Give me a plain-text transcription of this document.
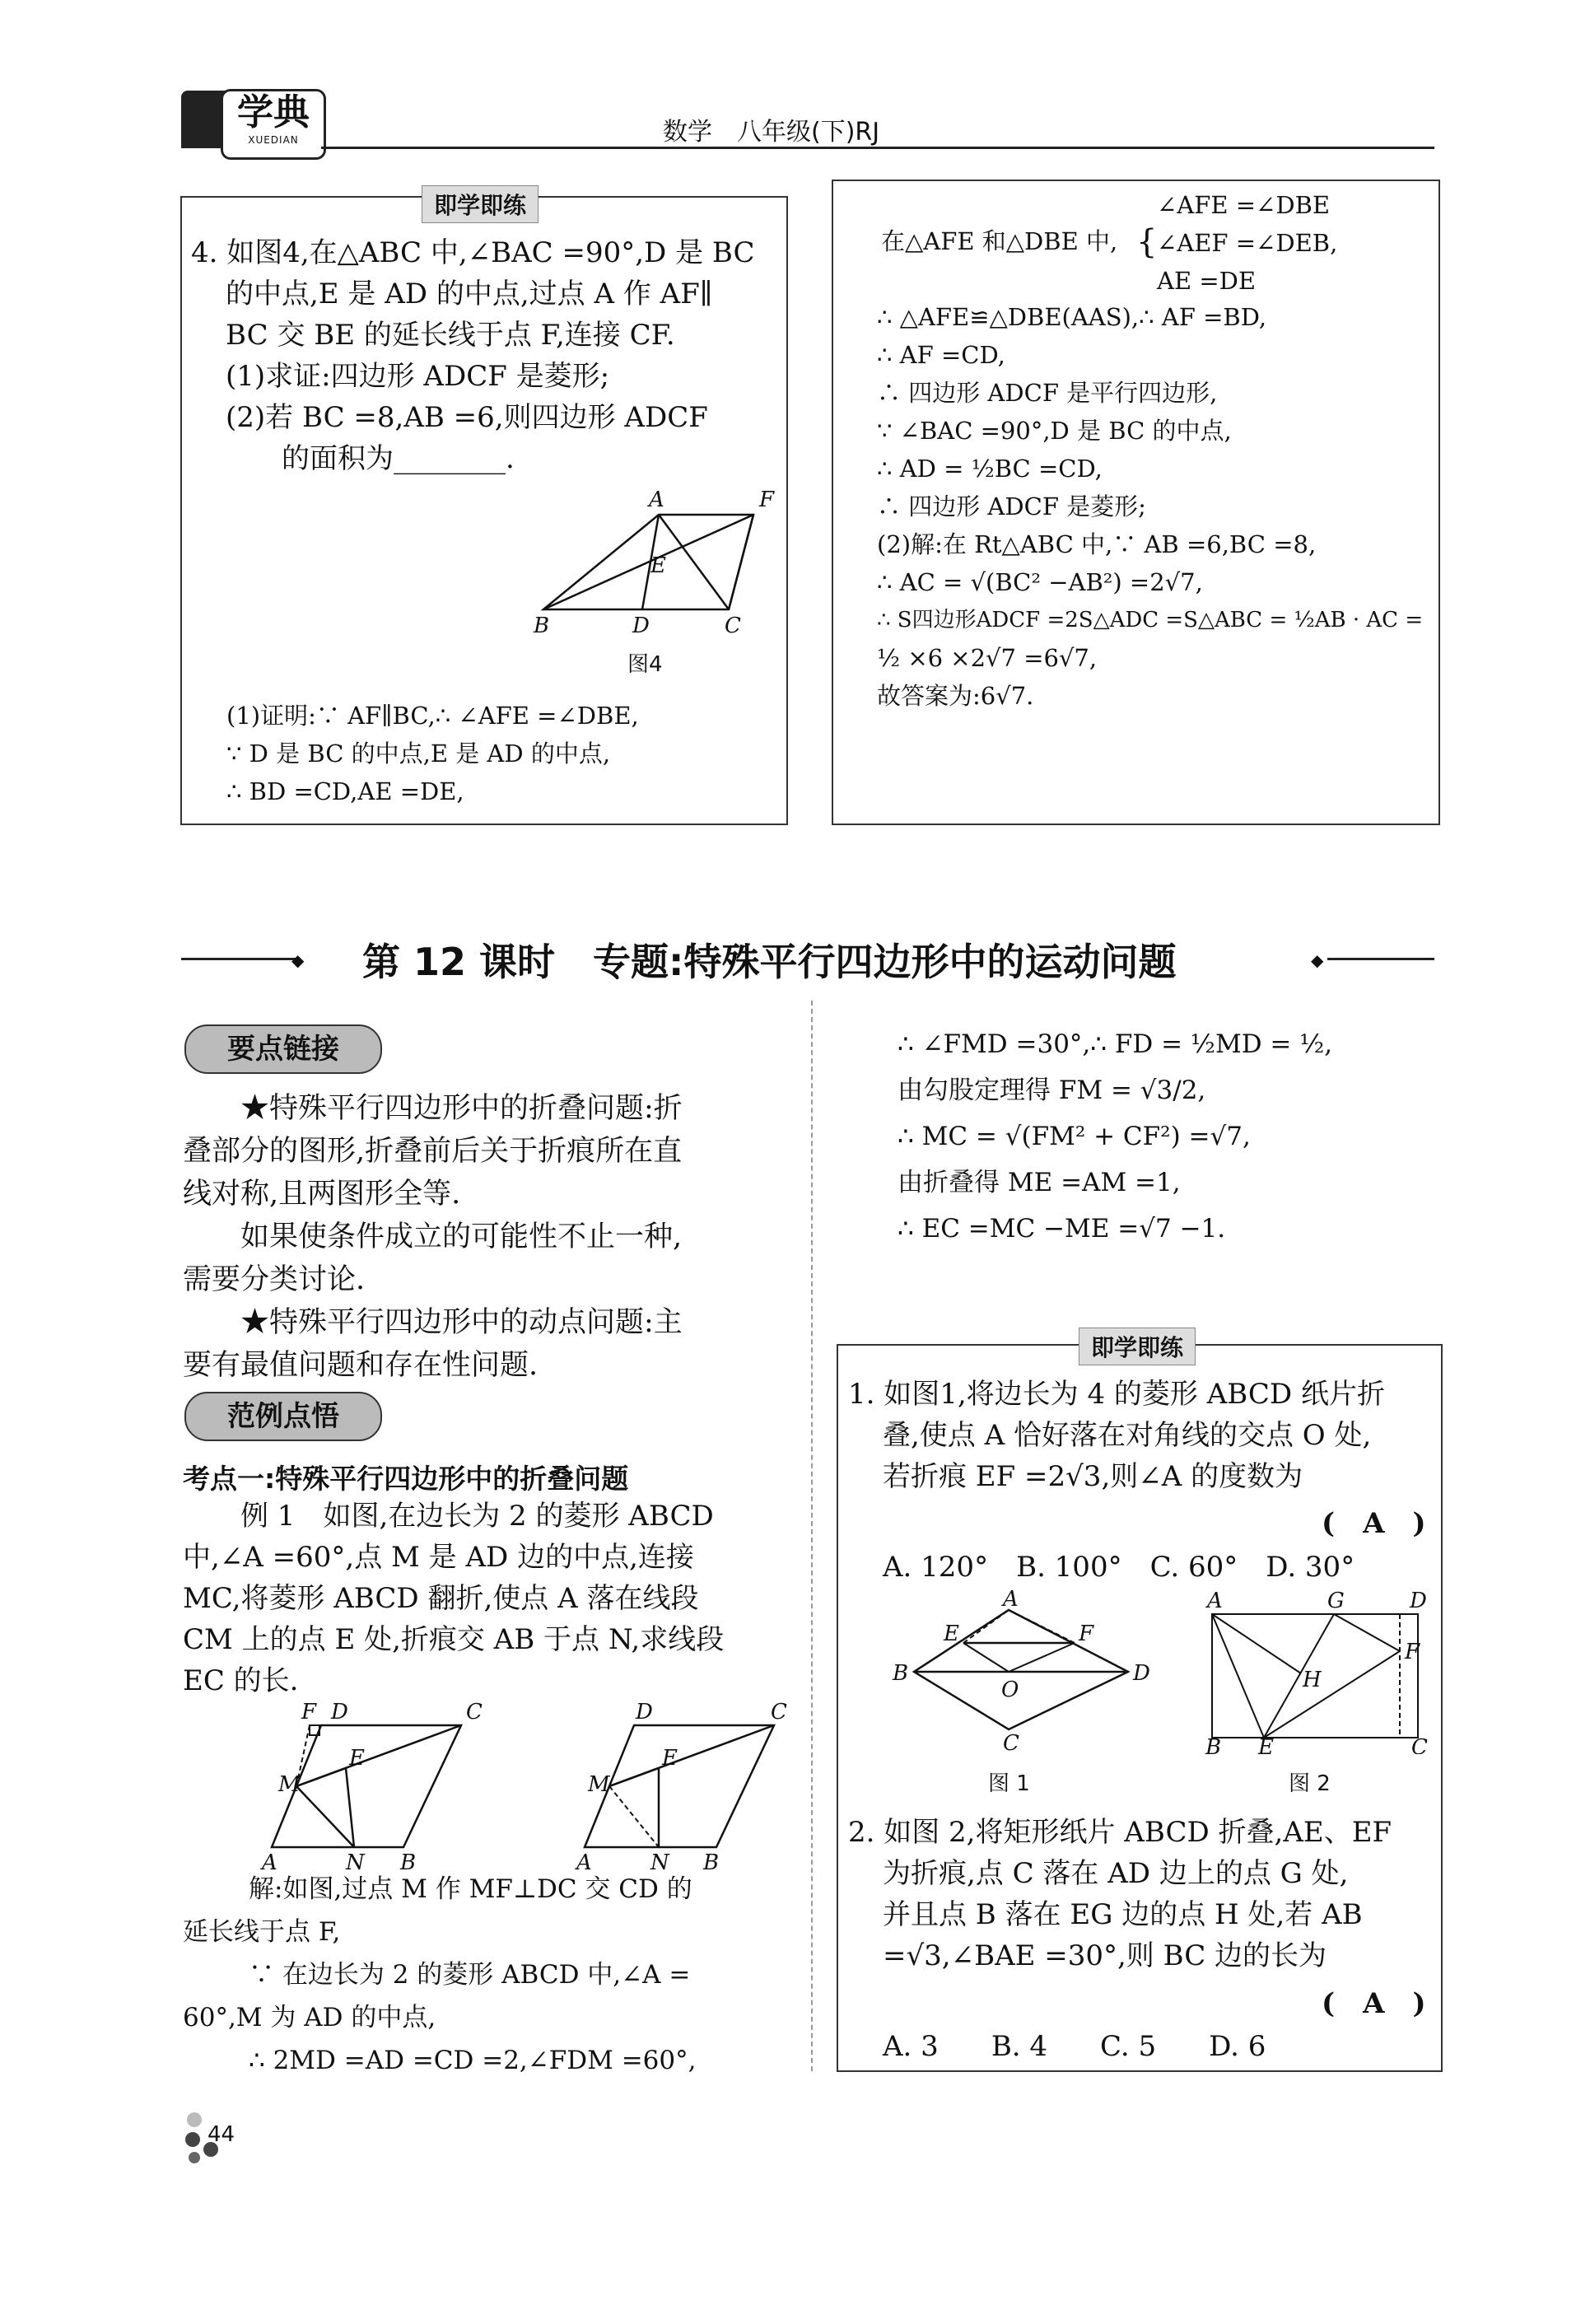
学典
XUEDIAN	数学　八年级(下)RJ
即学即练
4. 如图4,在△ABC 中,∠BAC =90°,D 是 BC
的中点,E 是 AD 的中点,过点 A 作 AF∥
BC 交 BE 的延长线于点 F,连接 CF.
(1)求证:四边形 ADCF 是菱形;
(2)若 BC =8,AB =6,则四边形 ADCF
的面积为________.
A	F
E
B	D	C
图4
(1)证明:∵ AF∥BC,∴ ∠AFE =∠DBE,
∵ D 是 BC 的中点,E 是 AD 的中点,
∴ BD =CD,AE =DE,
在△AFE 和△DBE 中, {
∠AFE =∠DBE
∠AEF =∠DEB,
AE =DE
∴ △AFE≌△DBE(AAS),∴ AF =BD,
∴ AF =CD,
∴ 四边形 ADCF 是平行四边形,
∵ ∠BAC =90°,D 是 BC 的中点,
∴ AD = ½BC =CD,
∴ 四边形 ADCF 是菱形;
(2)解:在 Rt△ABC 中,∵ AB =6,BC =8,
∴ AC = √(BC² −AB²) =2√7,
∴ S四边形ADCF =2S△ADC =S△ABC = ½AB · AC =
½ ×6 ×2√7 =6√7,
故答案为:6√7.
◆ 第 12 课时　专题:特殊平行四边形中的运动问题	◆
要点链接
★特殊平行四边形中的折叠问题:折
叠部分的图形,折叠前后关于折痕所在直
线对称,且两图形全等.
如果使条件成立的可能性不止一种,
需要分类讨论.
★特殊平行四边形中的动点问题:主
要有最值问题和存在性问题.
范例点悟
考点一:特殊平行四边形中的折叠问题
例 1　如图,在边长为 2 的菱形 ABCD
中,∠A =60°,点 M 是 AD 边的中点,连接
MC,将菱形 ABCD 翻折,使点 A 落在线段
CM 上的点 E 处,折痕交 AB 于点 N,求线段
EC 的长.
F D	C
E
M
A	N B
D	C
E
M
A	N B
解:如图,过点 M 作 MF⊥DC 交 CD 的
延长线于点 F,
∵ 在边长为 2 的菱形 ABCD 中,∠A =
60°,M 为 AD 的中点,
∴ 2MD =AD =CD =2,∠FDM =60°,
∴ ∠FMD =30°,∴ FD = ½MD = ½,
由勾股定理得 FM = √3/2,
∴ MC = √(FM² + CF²) =√7,
由折叠得 ME =AM =1,
∴ EC =MC −ME =√7 −1.
即学即练
1. 如图1,将边长为 4 的菱形 ABCD 纸片折
叠,使点 A 恰好落在对角线的交点 O 处,
若折痕 EF =2√3,则∠A 的度数为
(　A　)
A. 120° B. 100° C. 60° D. 30°
A
E	F
B
O
D
C
A	G	D
F
H
B E	C
图 1	图 2
2. 如图 2,将矩形纸片 ABCD 折叠,AE、EF
为折痕,点 C 落在 AD 边上的点 G 处,
并且点 B 落在 EG 边的点 H 处,若 AB
=√3,∠BAE =30°,则 BC 边的长为
(　A　)
A. 3 B. 4 C. 5 D. 6
44
